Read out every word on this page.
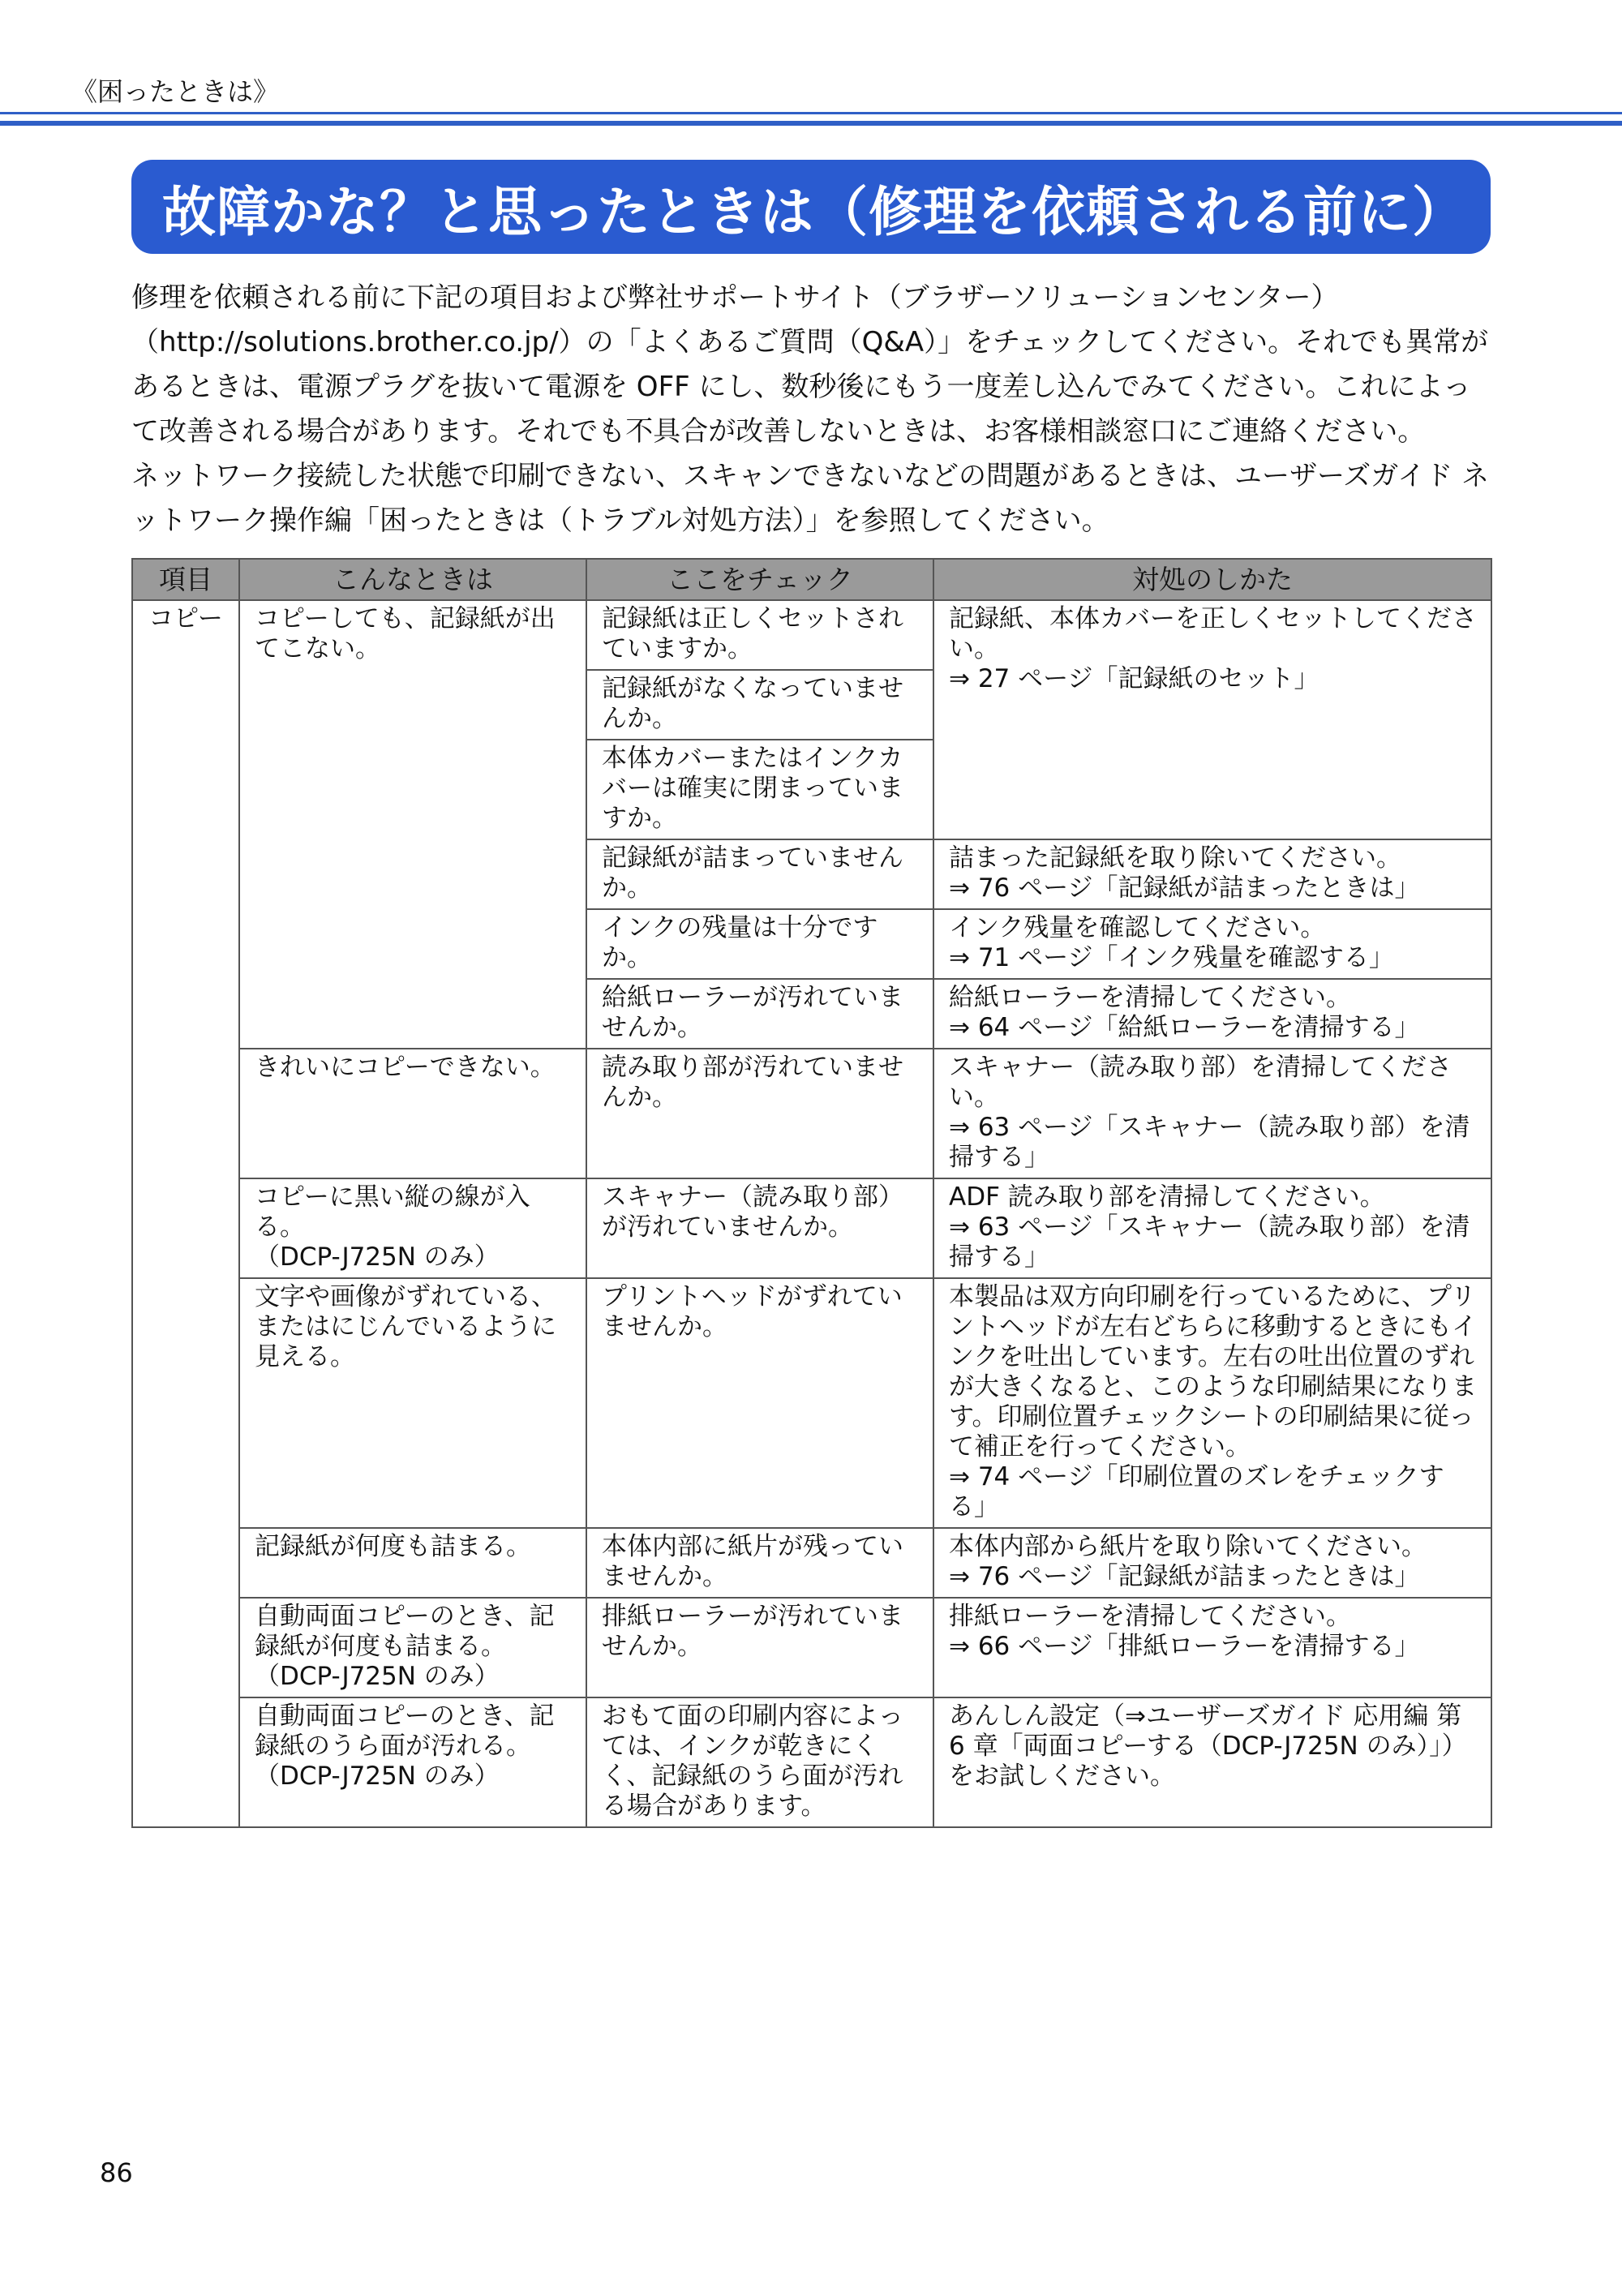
《困ったときは》
故障かな？と思ったときは（修理を依頼される前に）

修理を依頼される前に下記の項目および弊社サポートサイト（ブラザーソリューションセンター）（http://solutions.brother.co.jp/）の「よくあるご質問（Q&A）」をチェックしてください。それでも異常があるときは、電源プラグを抜いて電源を OFF にし、数秒後にもう一度差し込んでみてください。これによって改善される場合があります。それでも不具合が改善しないときは、お客様相談窓口にご連絡ください。

ネットワーク接続した状態で印刷できない、スキャンできないなどの問題があるときは、ユーザーズガイド ネットワーク操作編「困ったときは（トラブル対処方法）」を参照してください。

項目	こんなときは	ここをチェック	対処のしかた
コピー	コピーしても、記録紙が出てこない。	記録紙は正しくセットされていますか。	記録紙、本体カバーを正しくセットしてください。
⇒ 27 ページ「記録紙のセット」

		記録紙がなくなっていませんか。	
		本体カバーまたはインクカバーは確実に閉まっていますか。	
		記録紙が詰まっていませんか。	詰まった記録紙を取り除いてください。
⇒ 76 ページ「記録紙が詰まったときは」

		インクの残量は十分ですか。	インク残量を確認してください。
⇒ 71 ページ「インク残量を確認する」

		給紙ローラーが汚れていませんか。	給紙ローラーを清掃してください。
⇒ 64 ページ「給紙ローラーを清掃する」

	きれいにコピーできない。	読み取り部が汚れていませんか。	スキャナー（読み取り部）を清掃してください。
⇒ 63 ページ「スキャナー（読み取り部）を清掃する」

	コピーに黒い縦の線が入る。
（DCP-J725N のみ）	スキャナー（読み取り部）が汚れていませんか。	ADF 読み取り部を清掃してください。
⇒ 63 ページ「スキャナー（読み取り部）を清掃する」

	文字や画像がずれている、またはにじんでいるように見える。	プリントヘッドがずれていませんか。	本製品は双方向印刷を行っているために、プリントヘッドが左右どちらに移動するときにもインクを吐出しています。左右の吐出位置のずれが大きくなると、このような印刷結果になります。印刷位置チェックシートの印刷結果に従って補正を行ってください。
⇒ 74 ページ「印刷位置のズレをチェックする」

	記録紙が何度も詰まる。	本体内部に紙片が残っていませんか。	本体内部から紙片を取り除いてください。
⇒ 76 ページ「記録紙が詰まったときは」

	自動両面コピーのとき、記録紙が何度も詰まる。
（DCP-J725N のみ）	排紙ローラーが汚れていませんか。	排紙ローラーを清掃してください。
⇒ 66 ページ「排紙ローラーを清掃する」

	自動両面コピーのとき、記録紙のうら面が汚れる。
（DCP-J725N のみ）	おもて面の印刷内容によっては、インクが乾きにくく、記録紙のうら面が汚れる場合があります。	あんしん設定（⇒ユーザーズガイド 応用編 第 6 章「両面コピーする（DCP-J725N のみ）」）をお試しください。
86
